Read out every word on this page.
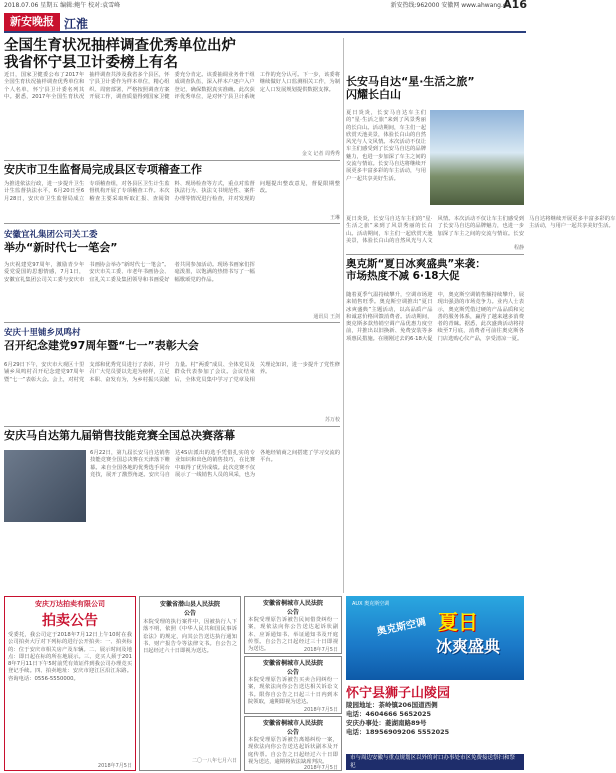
2018.07.06 星期五 编辑:鲍午 校对:袁雪峰	新安热线:962000 安徽网 www.ahwang.cn
A16
新安晚报 江淮
全国生育状况抽样调查优秀单位出炉
我省怀宁县卫计委榜上有名
近日，国家卫健委公布了2017年全国生育状况抽样调查优秀单位和个人名单，怀宁县卫计委名列其中。据悉，2017年全国生育状况抽样调查共涉及我省多个县区，怀宁县卫计委作为样本单位，精心组织、周密部署，严格按照调查方案开展工作，调查质量得到国家卫健委充分肯定。该委抽调业务骨干组成调查队伍，深入样本户逐户入户登记，确保数据真实准确。此次获评优秀单位，是对怀宁县卫计系统工作的充分认可。下一步，该委将继续做好人口监测相关工作，为制定人口发展规划提供数据支撑。
金文 记者 周秀秀
安庆市卫生监督局完成县区专项稽查工作
为推进依法行政，进一步提升卫生计生监督执法水平，6月20日至6月28日，安庆市卫生监督局成立专项稽查组，对各县区卫生计生监督机构开展了专项稽查工作。本次稽查主要采取听取汇报、查阅资料、现场检查等方式，重点对监督执法行为、执法文书规范性、案件办理等情况进行检查，并对发现的问题提出整改意见，督促限期整改。
王琳
安徽宜礼集团公司关工委
举办“新时代七一笔会”
为庆祝建党97周年，激励青少年爱党爱国的思想情感，7月1日，安徽宜礼集团公司关工委与安庆市书画协会举办“新时代七一笔会”。安庆市关工委、市老年书画协会、宜礼关工委及集团领导和书画爱好者共同参加活动。现场书画家们挥毫泼墨，以饱满的热情书写了一幅幅歌颂党的作品。
通讯员 王剑
安庆十里铺乡凤鸣村
召开纪念建党97周年暨“七一”表彰大会
6月29日下午，安庆市大观区十里铺乡凤鸣村召开纪念建党97周年暨“七一”表彰大会。会上，对村党支部和优秀党员进行了表彰，并号召广大党员要以先进为榜样，立足本职、奋发有为，为乡村振兴贡献力量。村“两委”成员、全体党员及群众代表参加了会议。会议结束后，全体党员集中学习了党章及相关理论知识，进一步提升了党性修养。
苏万校
安庆马自达第九届销售技能竞赛全国总决赛落幕
6月22日，第九届长安马自达销售技能竞赛全国总决赛在天津落下帷幕。来自全国各地的优秀选手同台竞技，展开了激烈角逐。安庆马自达4S店派出的选手凭借扎实的专业知识和出色的销售技巧，在比赛中取得了优异成绩。此次竞赛不仅展示了一线销售人员的风采，也为各地经销商之间搭建了学习交流的平台。
长安马自达“星·生活之旅”
闪耀长白山
夏日炎炎，长安马自达车主们的“星·生活之旅”来到了风景秀丽的长白山。活动期间，车主们一起欣赏天池美景，体验长白山的自然风光与人文风情。本次活动不仅让车主们感受到了长安马自达的品牌魅力，也进一步加深了车主之间的交流与情谊。长安马自达将继续开展更多丰富多彩的车主活动，与用户一起共享美好生活。
夏日炎炎，长安马自达车主们的“星·生活之旅”来到了风景秀丽的长白山。活动期间，车主们一起欣赏天池美景，体验长白山的自然风光与人文风情。本次活动不仅让车主们感受到了长安马自达的品牌魅力，也进一步加深了车主之间的交流与情谊。长安马自达将继续开展更多丰富多彩的车主活动，与用户一起共享美好生活。
程静
奥克斯“夏日冰爽盛典”来袭：
市场热度不减 6·18大促
随着夏季气温持续攀升，空调市场迎来销售旺季。奥克斯空调推出“夏日冰爽盛典”主题活动，以高品质产品和诚意价格回馈消费者。活动期间，奥克斯多款热销空调产品优惠力度空前，并推出以旧换新、免费安装等多项惠民措施。在刚刚过去的6·18大促中，奥克斯空调销售额持续攀升，展现出强劲的市场竞争力。业内人士表示，奥克斯凭借过硬的产品品质和完善的服务体系，赢得了越来越多消费者的青睐。据悉，此次盛典活动将持续至7月底，消费者可前往奥克斯各门店选购心仪产品，享受清凉一夏。
AUX 奥克斯空调
奥克斯空调 夏日
冰爽盛典
安庆万达拍卖有限公司
拍卖公告
受委托，我公司定于2018年7月12日上午10时在我公司拍卖大厅对下列标的进行公开拍卖：一、拍卖标的：位于安庆市相关房产及车辆。二、展示时间及地点：即日起在标的所在地展示。三、竞买人须于2018年7月11日下午5时前凭有效证件到我公司办理竞买登记手续。四、拍卖地址：安庆市迎江区沿江东路。咨询电话：0556-5550000。
2018年7月5日
安徽省潜山县人民法院
公告
本院受理的执行案件中，因被执行人下落不明，依照《中华人民共和国民事诉讼法》的规定，向其公告送达执行通知书、财产报告令等法律文书。自公告之日起经过六十日即视为送达。
二〇一八年七月六日
安徽省桐城市人民法院
公告
本院受理原告诉被告民间借贷纠纷一案，现依法向你公告送达起诉状副本、应诉通知书、举证通知书及开庭传票。自公告之日起经过三十日即视为送达。	2018年7月5日
安徽省桐城市人民法院
公告
本院受理原告诉被告买卖合同纠纷一案，现依法向你公告送达相关诉讼文书。限你自公告之日起三十日内到本院领取，逾期即视为送达。
2018年7月5日
安徽省桐城市人民法院
公告
本院受理原告诉被告离婚纠纷一案，现依法向你公告送达起诉状副本及开庭传票。自公告之日起经过六十日即视为送达，逾期将依法缺席判决。
2018年7月5日
怀宁县狮子山陵园
陵园地址：茶岭镇206国道西侧
电话：4604666 5652025
安庆办事处：菱湖南路89号
电话：18956909206 5552025
市与周边安徽与重点规划区以外的对口办事处市区免费接送祭扫和祭祀
